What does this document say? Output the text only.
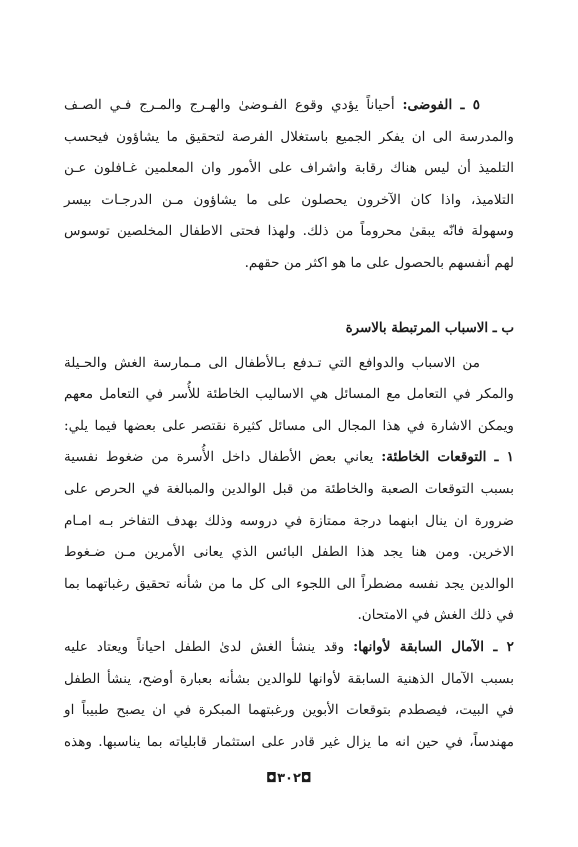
٥ ـ الفوضى: أحياناً يؤدي وقوع الفـوضىٰ والهـرج والمـرج فـي الصـف

والمدرسة الى ان يفكر الجميع باستغلال الفرصة لتحقيق ما يشاؤون فيحسب

التلميذ أن ليس هناك رقابة واشراف على الأمور وان المعلمين غـافلون عـن

التلاميذ، واذا كان الآخرون يحصلون على ما يشاؤون مـن الدرجـات بيسر

وسهولة فانّه يبقىٰ محروماً من ذلك. ولهذا فحتى الاطفال المخلصين توسوس

لهم أنفسهم بالحصول على ما هو اكثر من حقهم.

ب ـ الاسباب المرتبطة بالاسرة

من الاسباب والدوافع التي تـدفع بـالأطفال الى مـمارسة الغش والحـيلة

والمكر في التعامل مع المسائل هي الاساليب الخاطئة للأُسر في التعامل معهم

ويمكن الاشارة في هذا المجال الى مسائل كثيرة نقتصر على بعضها فيما يلي:

١ ـ التوقعات الخاطئة: يعاني بعض الأطفال داخل الأُسرة من ضغوط نفسية

بسبب التوقعات الصعبة والخاطئة من قبل الوالدين والمبالغة في الحرص على

ضرورة ان ينال ابنهما درجة ممتازة في دروسه وذلك بهدف التفاخر بـه امـام

الاخرين. ومن هنا يجد هذا الطفل البائس الذي يعانى الأمرين مـن ضـغوط

الوالدين يجد نفسه مضطراً الى اللجوء الى كل ما من شأنه تحقيق رغباتهما بما

في ذلك الغش في الامتحان.

٢ ـ الآمال السابقة لأوانها: وقد ينشأ الغش لدىٰ الطفل احياناً ويعتاد عليه

بسبب الآمال الذهنية السابقة لأوانها للوالدين بشأنه بعبارة أوضح، ينشأ الطفل

في البيت، فيصطدم بتوقعات الأبوين ورغبتهما المبكرة في ان يصبح طبيباً او

مهندساً، في حين انه ما يزال غير قادر على استثمار قابلياته بما يناسبها. وهذه

◘٣٠٢◘
